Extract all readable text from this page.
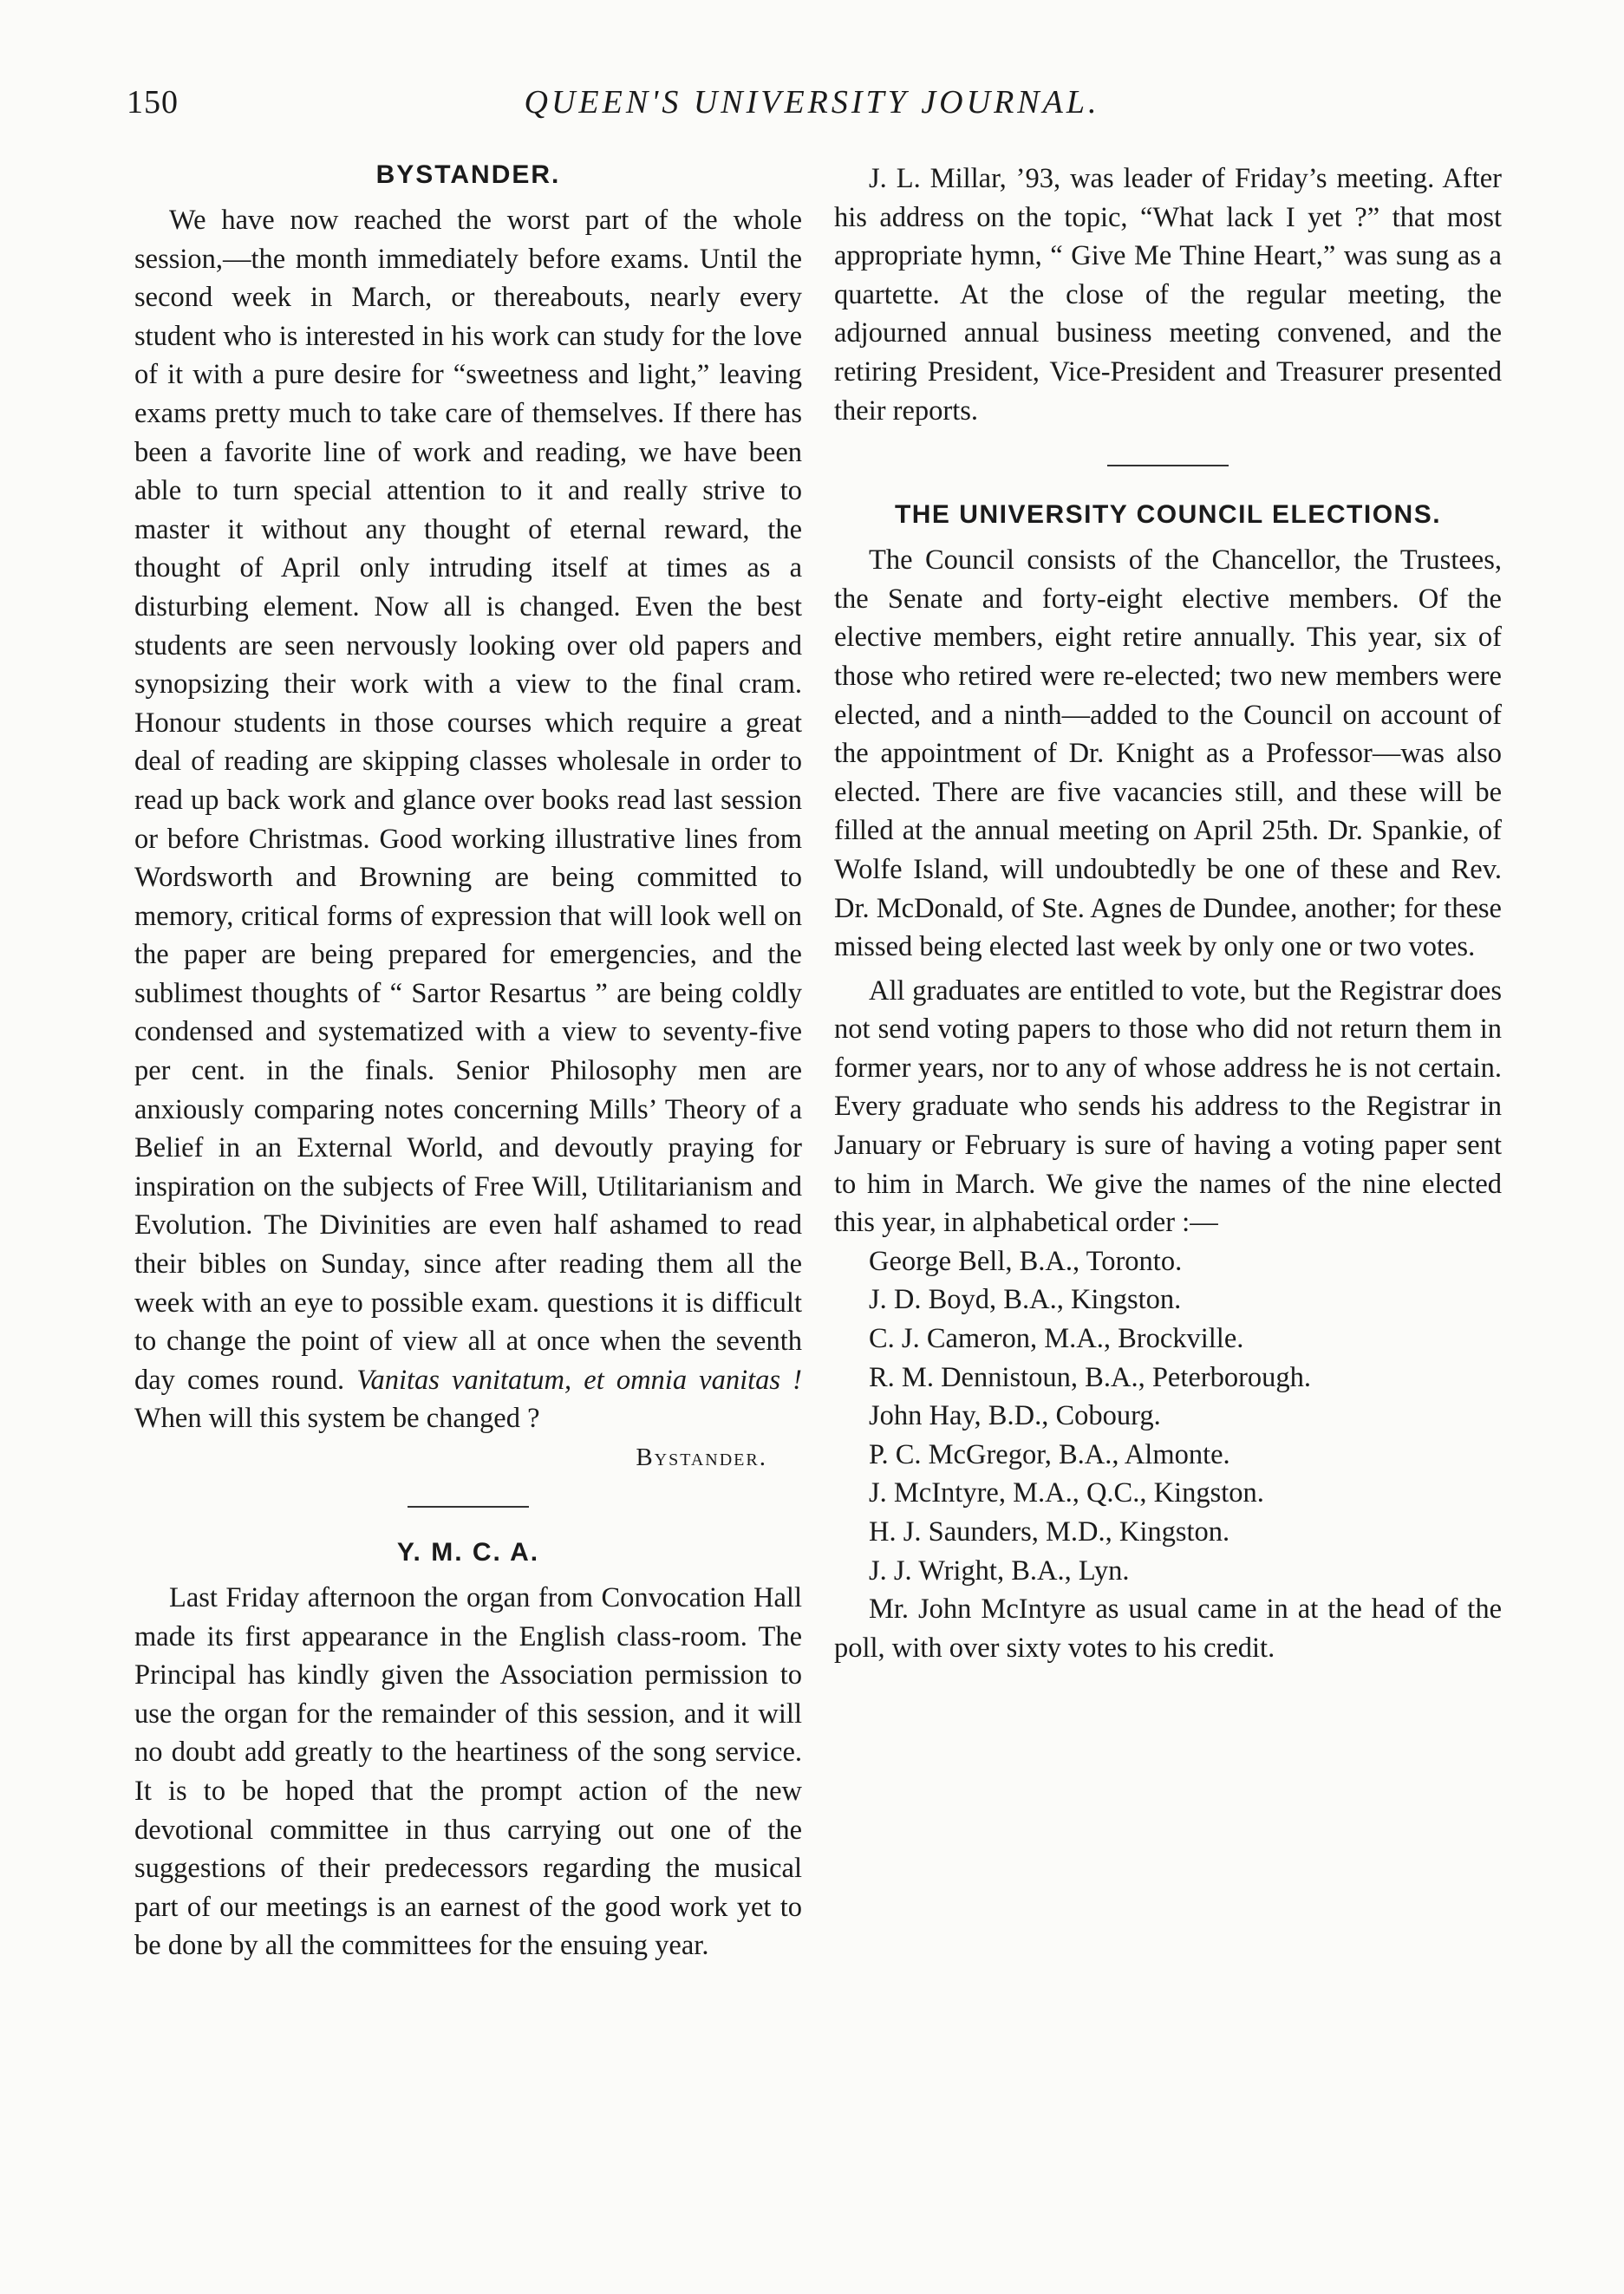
150	QUEEN'S UNIVERSITY JOURNAL.
BYSTANDER.

We have now reached the worst part of the whole session,—the month immediately before exams. Until the second week in March, or thereabouts, nearly every student who is interested in his work can study for the love of it with a pure desire for “sweetness and light,” leaving exams pretty much to take care of themselves. If there has been a favorite line of work and reading, we have been able to turn special attention to it and really strive to master it without any thought of eternal reward, the thought of April only intruding itself at times as a disturbing element. Now all is changed. Even the best students are seen nervously looking over old papers and synopsizing their work with a view to the final cram. Honour students in those courses which require a great deal of reading are skipping classes wholesale in order to read up back work and glance over books read last session or before Christmas. Good working illustrative lines from Wordsworth and Browning are being committed to memory, critical forms of expression that will look well on the paper are being prepared for emergencies, and the sublimest thoughts of “ Sartor Resartus ” are being coldly condensed and systematized with a view to seventy-five per cent. in the finals. Senior Philosophy men are anxiously comparing notes concerning Mills’ Theory of a Belief in an External World, and devoutly praying for inspiration on the subjects of Free Will, Utilitarianism and Evolution. The Divinities are even half ashamed to read their bibles on Sunday, since after reading them all the week with an eye to possible exam. questions it is difficult to change the point of view all at once when the seventh day comes round. Vanitas vanitatum, et omnia vanitas ! When will this system be changed ?

Bystander.
Y. M. C. A.

Last Friday afternoon the organ from Convocation Hall made its first appearance in the English class-room. The Principal has kindly given the Association permission to use the organ for the remainder of this session, and it will no doubt add greatly to the heartiness of the song service. It is to be hoped that the prompt action of the new devotional committee in thus carrying out one of the suggestions of their predecessors regarding the musical part of our meetings is an earnest of the good work yet to be done by all the committees for the ensuing year.

J. L. Millar, ’93, was leader of Friday’s meeting. After his address on the topic, “What lack I yet ?” that most appropriate hymn, “ Give Me Thine Heart,” was sung as a quartette. At the close of the regular meeting, the adjourned annual business meeting convened, and the retiring President, Vice-President and Treasurer presented their reports.

THE UNIVERSITY COUNCIL ELECTIONS.

The Council consists of the Chancellor, the Trustees, the Senate and forty-eight elective members. Of the elective members, eight retire annually. This year, six of those who retired were re-elected; two new members were elected, and a ninth—added to the Council on account of the appointment of Dr. Knight as a Professor—was also elected. There are five vacancies still, and these will be filled at the annual meeting on April 25th. Dr. Spankie, of Wolfe Island, will undoubtedly be one of these and Rev. Dr. McDonald, of Ste. Agnes de Dundee, another; for these missed being elected last week by only one or two votes.

All graduates are entitled to vote, but the Registrar does not send voting papers to those who did not return them in former years, nor to any of whose address he is not certain. Every graduate who sends his address to the Registrar in January or February is sure of having a voting paper sent to him in March. We give the names of the nine elected this year, in alphabetical order :—

George Bell, B.A., Toronto.
J. D. Boyd, B.A., Kingston.
C. J. Cameron, M.A., Brockville.
R. M. Dennistoun, B.A., Peterborough.
John Hay, B.D., Cobourg.
P. C. McGregor, B.A., Almonte.
J. McIntyre, M.A., Q.C., Kingston.
H. J. Saunders, M.D., Kingston.
J. J. Wright, B.A., Lyn.

Mr. John McIntyre as usual came in at the head of the poll, with over sixty votes to his credit.
